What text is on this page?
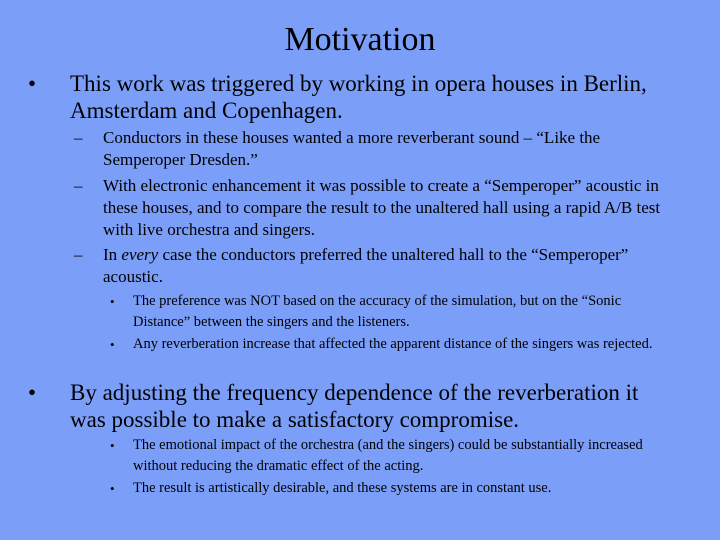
Motivation
• This work was triggered by working in opera houses in Berlin, Amsterdam and Copenhagen.
– Conductors in these houses wanted a more reverberant sound – “Like the Semperoper Dresden.”
– With electronic enhancement it was possible to create a “Semperoper” acoustic in these houses, and to compare the result to the unaltered hall using a rapid A/B test with live orchestra and singers.
– In every case the conductors preferred the unaltered hall to the “Semperoper” acoustic.
• The preference was NOT based on the accuracy of the simulation, but on the “Sonic Distance” between the singers and the listeners.
• Any reverberation increase that affected the apparent distance of the singers was rejected.
• By adjusting the frequency dependence of the reverberation it was possible to make a satisfactory compromise.
• The emotional impact of the orchestra (and the singers) could be substantially increased without reducing the dramatic effect of the acting.
• The result is artistically desirable, and these systems are in constant use.
